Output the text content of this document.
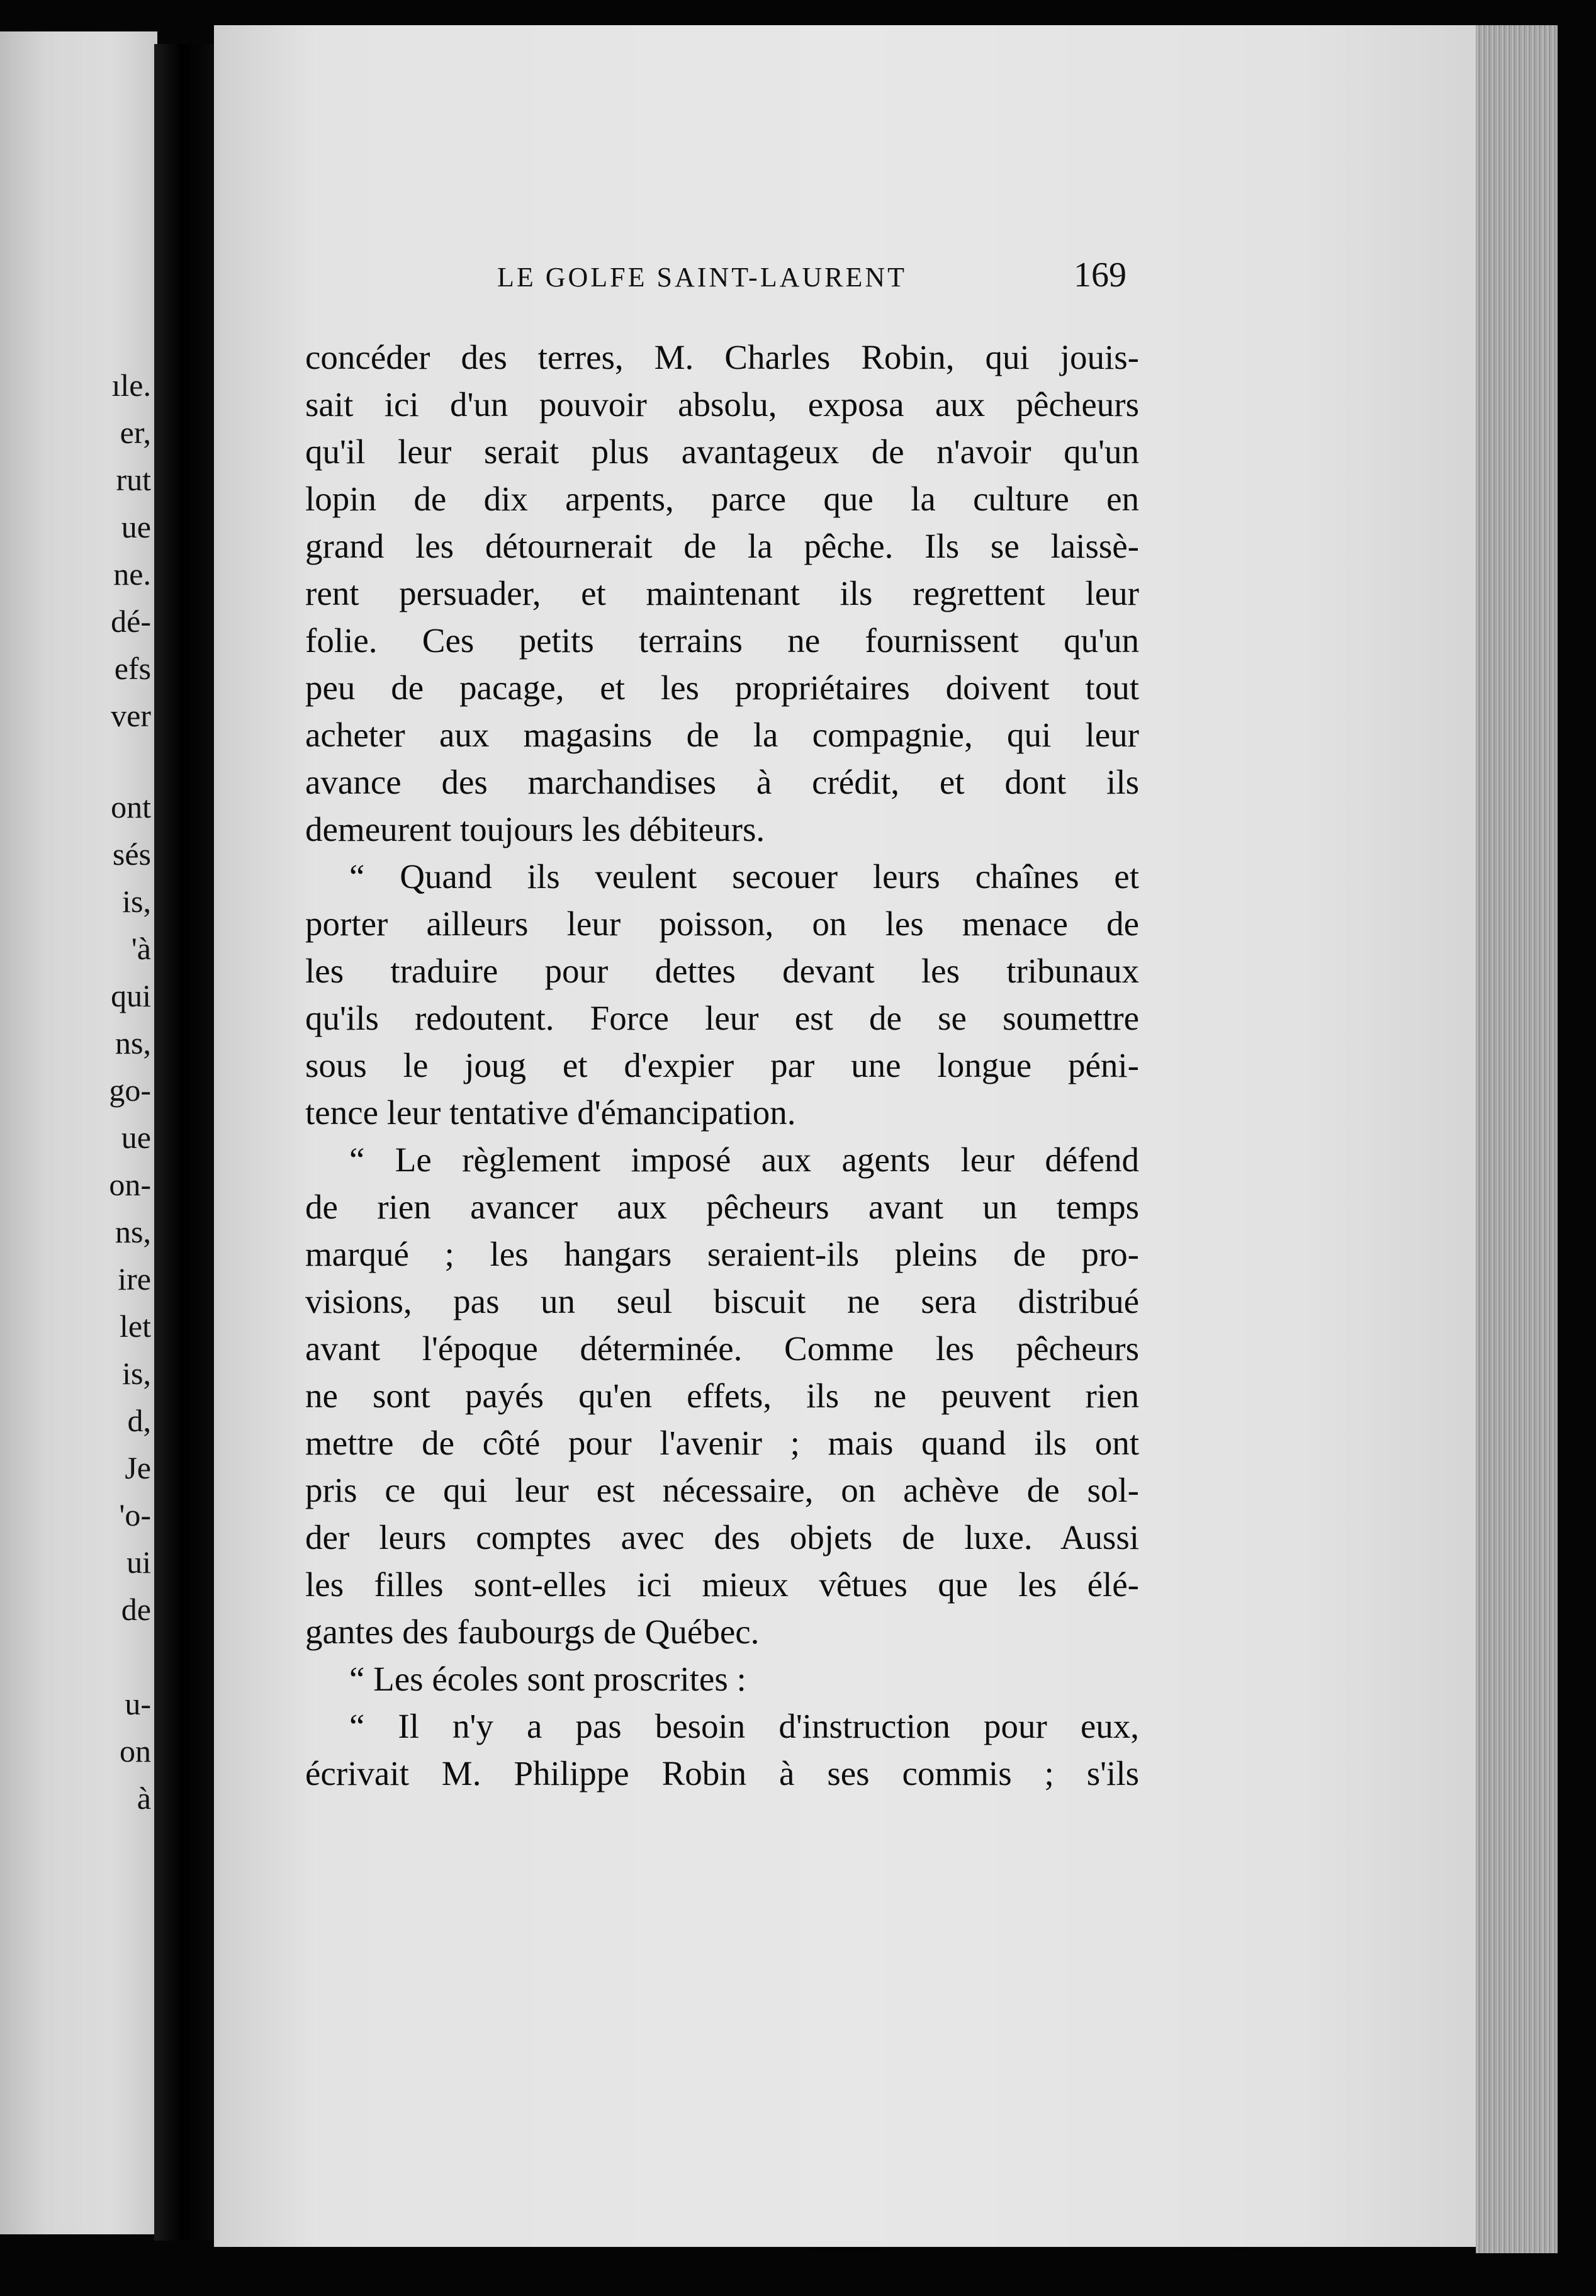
ıle.
er,
rut
ue
ne.
dé-
efs
ver
ont
sés
is,
'à
qui
ns,
go-
ue
on-
ns,
ire
let
is,
d,
Je
'o-
ui
de
u-
on
à
LE GOLFE SAINT-LAURENT	169
concéder des terres, M. Charles Robin, qui jouis-
sait ici d'un pouvoir absolu, exposa aux pêcheurs
qu'il leur serait plus avantageux de n'avoir qu'un
lopin de dix arpents, parce que la culture en
grand les détournerait de la pêche. Ils se laissè-
rent persuader, et maintenant ils regrettent leur
folie. Ces petits terrains ne fournissent qu'un
peu de pacage, et les propriétaires doivent tout
acheter aux magasins de la compagnie, qui leur
avance des marchandises à crédit, et dont ils
demeurent toujours les débiteurs.
“ Quand ils veulent secouer leurs chaînes et
porter ailleurs leur poisson, on les menace de
les traduire pour dettes devant les tribunaux
qu'ils redoutent. Force leur est de se soumettre
sous le joug et d'expier par une longue péni-
tence leur tentative d'émancipation.
“ Le règlement imposé aux agents leur défend
de rien avancer aux pêcheurs avant un temps
marqué ; les hangars seraient-ils pleins de pro-
visions, pas un seul biscuit ne sera distribué
avant l'époque déterminée. Comme les pêcheurs
ne sont payés qu'en effets, ils ne peuvent rien
mettre de côté pour l'avenir ; mais quand ils ont
pris ce qui leur est nécessaire, on achève de sol-
der leurs comptes avec des objets de luxe. Aussi
les filles sont-elles ici mieux vêtues que les élé-
gantes des faubourgs de Québec.
“ Les écoles sont proscrites :
“ Il n'y a pas besoin d'instruction pour eux,
écrivait M. Philippe Robin à ses commis ; s'ils
